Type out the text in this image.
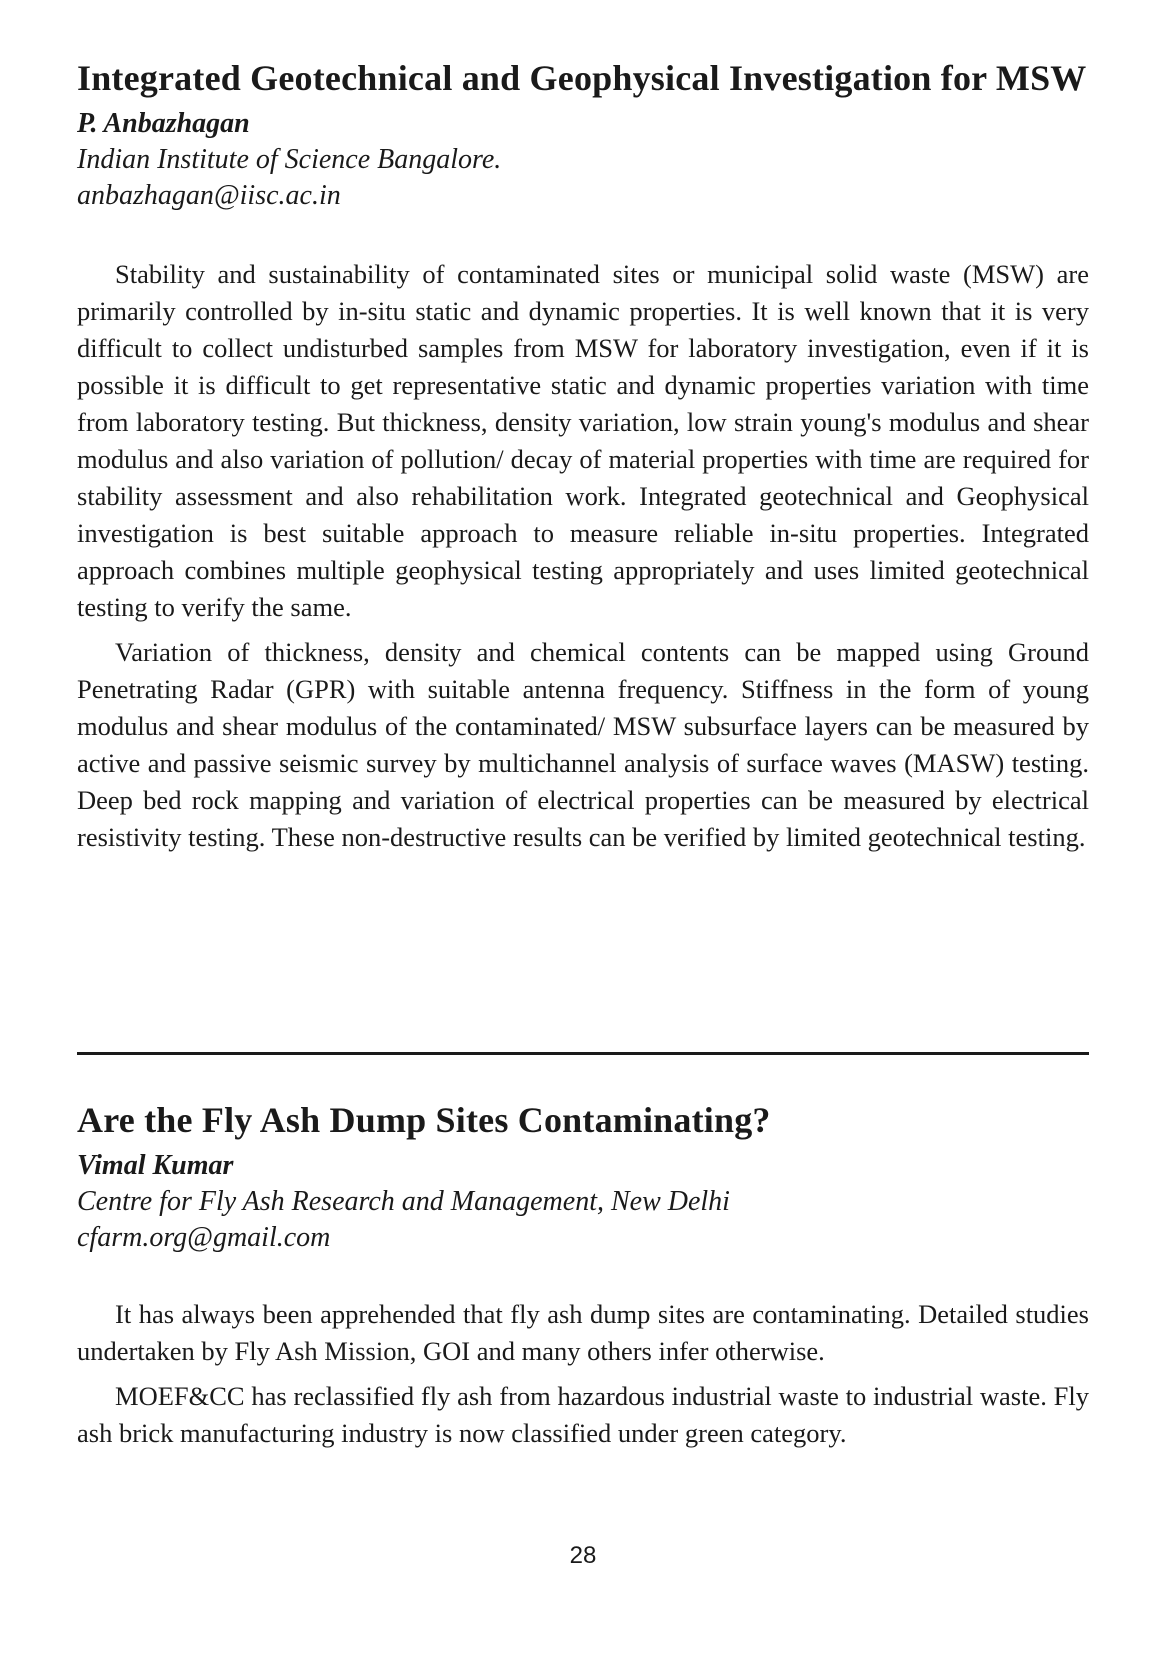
Integrated Geotechnical and Geophysical Investigation for MSW

P. Anbazhagan

Indian Institute of Science Bangalore.

anbazhagan@iisc.ac.in

Stability and sustainability of contaminated sites or municipal solid waste (MSW) are primarily controlled by in-situ static and dynamic properties. It is well known that it is very difficult to collect undisturbed samples from MSW for laboratory investigation, even if it is possible it is difficult to get representative static and dynamic properties variation with time from laboratory testing. But thickness, density variation, low strain young's modulus and shear modulus and also variation of pollution/ decay of material properties with time are required for stability assessment and also rehabilitation work. Integrated geotechnical and Geophysical investigation is best suitable approach to measure reliable in-situ properties. Integrated approach combines multiple geophysical testing appropriately and uses limited geotechnical testing to verify the same.

Variation of thickness, density and chemical contents can be mapped using Ground Penetrating Radar (GPR) with suitable antenna frequency. Stiffness in the form of young modulus and shear modulus of the contaminated/ MSW subsurface layers can be measured by active and passive seismic survey by multichannel analysis of surface waves (MASW) testing. Deep bed rock mapping and variation of electrical properties can be measured by electrical resistivity testing. These non-destructive results can be verified by limited geotechnical testing.

Are the Fly Ash Dump Sites Contaminating?

Vimal Kumar

Centre for Fly Ash Research and Management, New Delhi

cfarm.org@gmail.com

It has always been apprehended that fly ash dump sites are contaminating. Detailed studies undertaken by Fly Ash Mission, GOI and many others infer otherwise.

MOEF&CC has reclassified fly ash from hazardous industrial waste to industrial waste. Fly ash brick manufacturing industry is now classified under green category.

28
